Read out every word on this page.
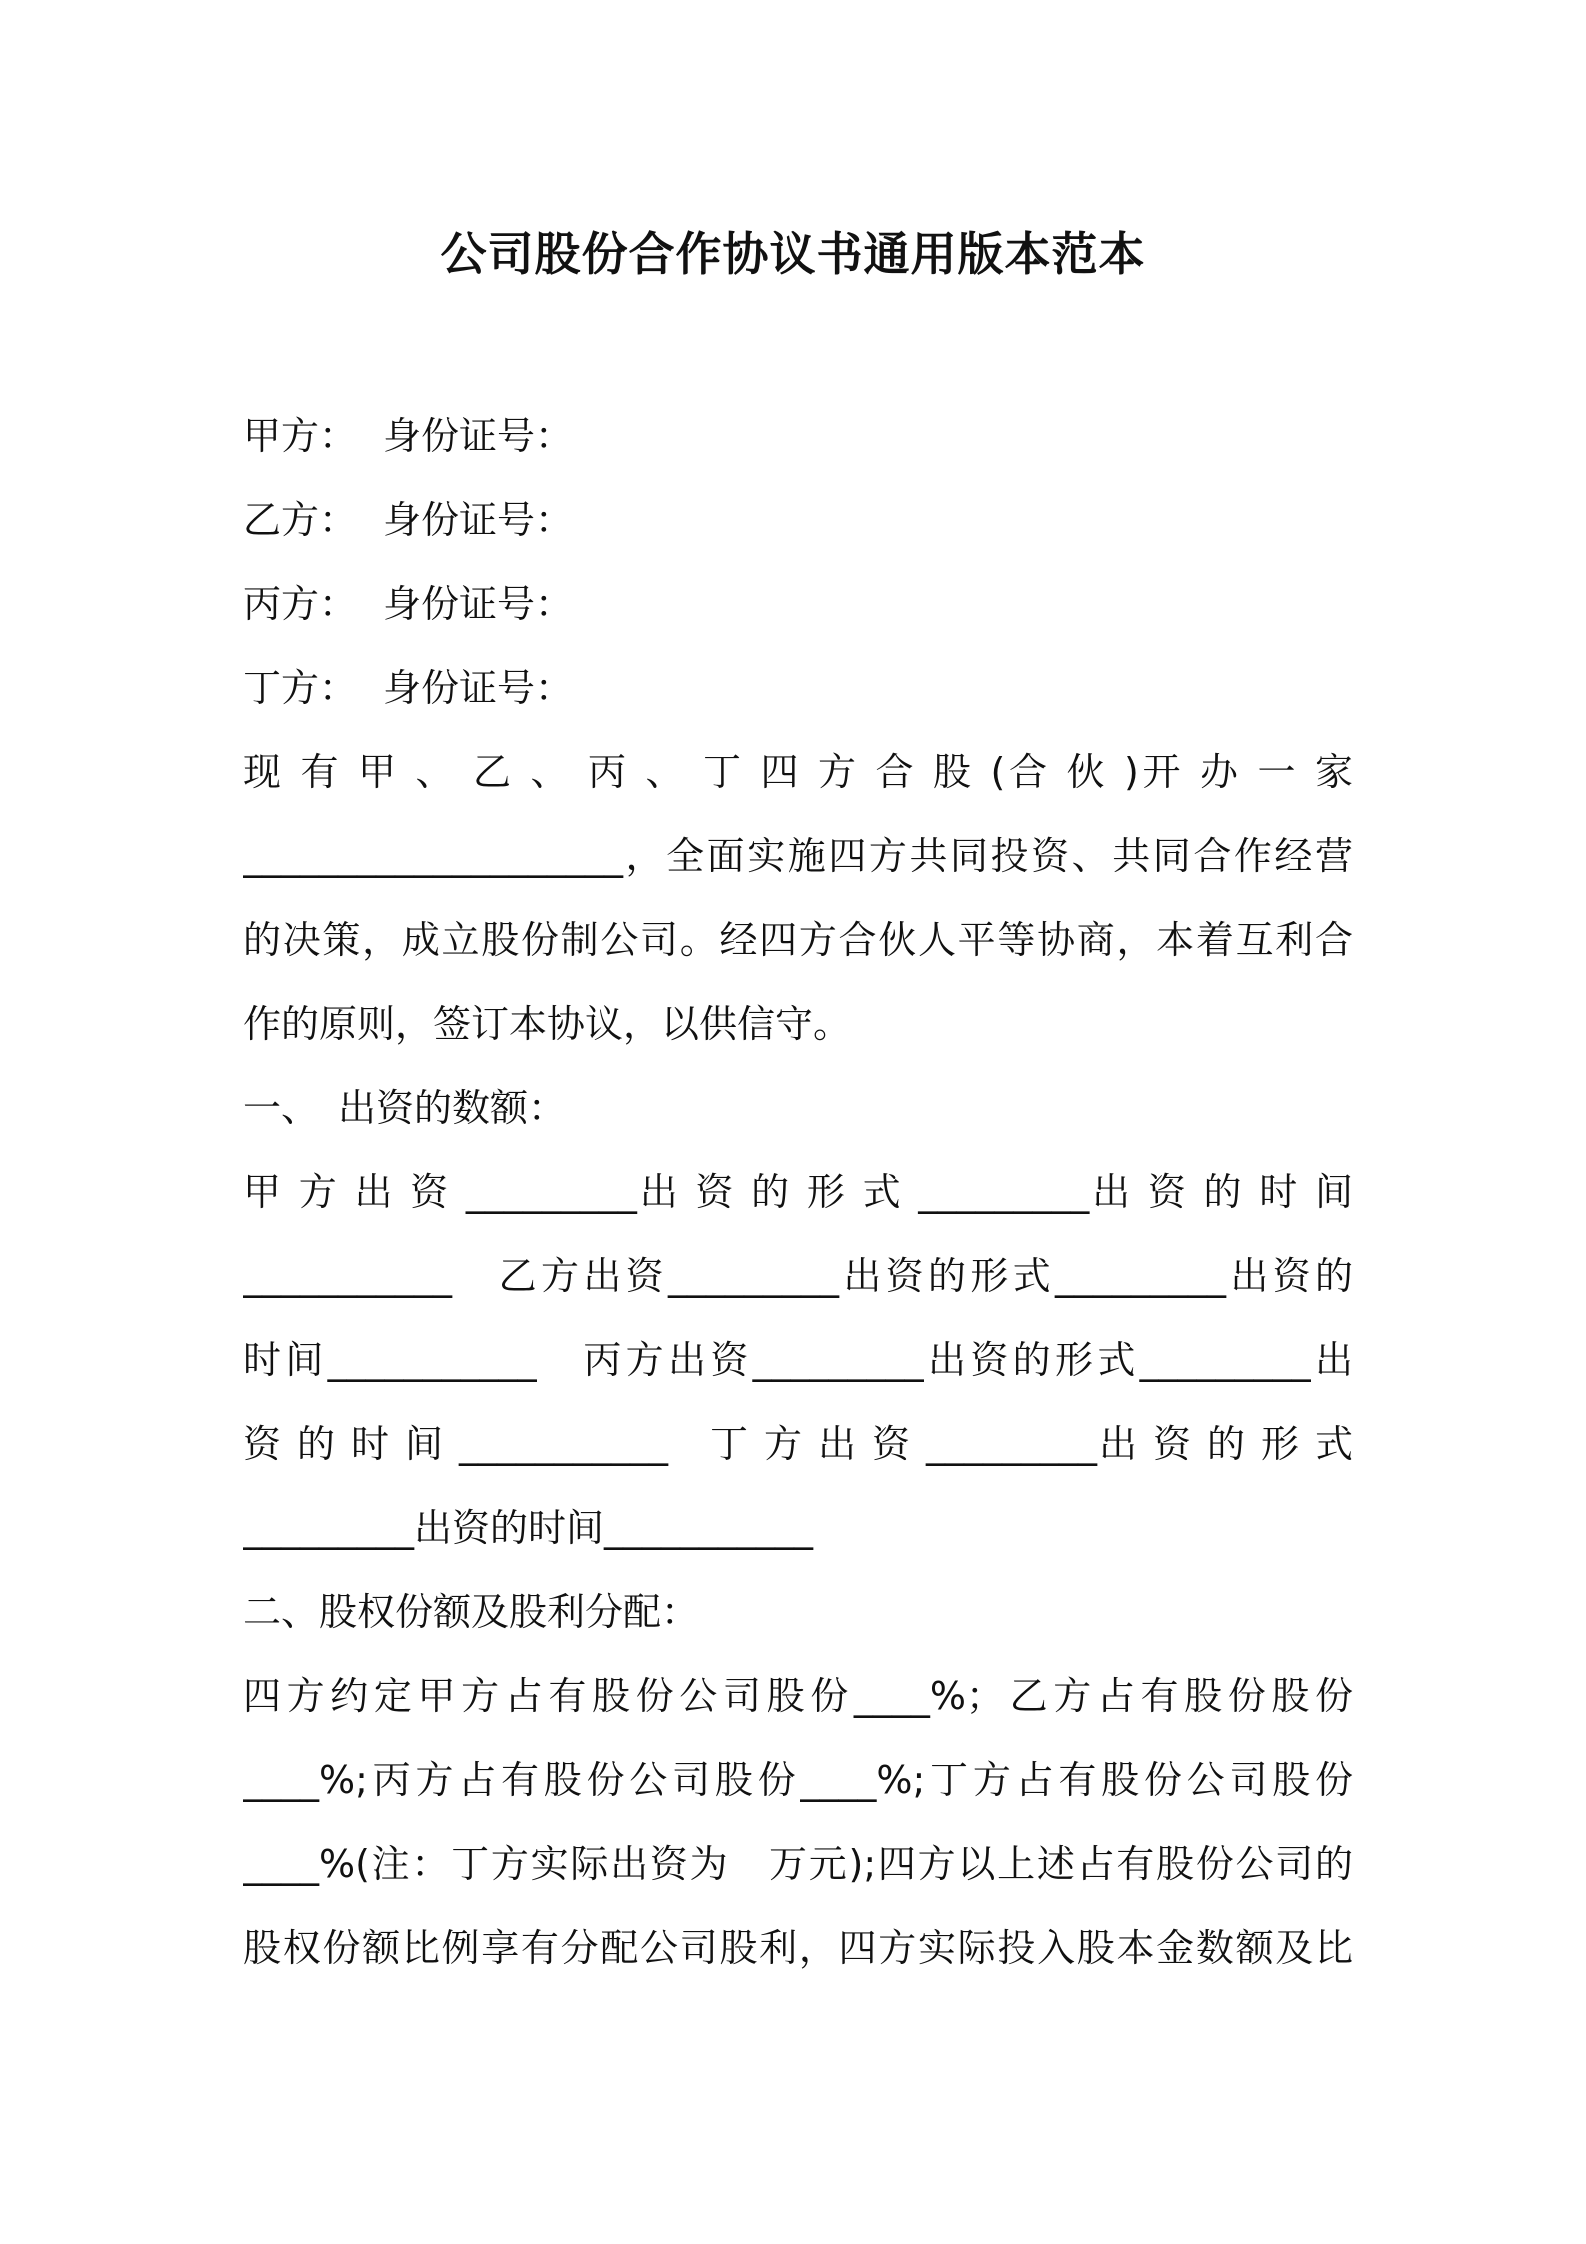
公司股份合作协议书通用版本范本
甲方： 身份证号：
乙方： 身份证号：
丙方： 身份证号：
丁方： 身份证号：
现 有 甲 、 乙 、 丙 、 丁 四 方 合 股 (合 伙 )开 办 一 家
____________________，全面实施四方共同投资、共同合作经营
的决策，成立股份制公司。经四方合伙人平等协商，本着互利合
作的原则，签订本协议，以供信守。
一、　出资的数额：
甲 方 出 资 _________出 资 的 形 式 _________出 资 的 时 间
___________　乙方出资_________出资的形式_________出资的
时间___________　丙方出资_________出资的形式_________出
资 的 时 间 ___________　丁 方 出 资 _________出 资 的 形 式
_________出资的时间___________
二、股权份额及股利分配：
四方约定甲方占有股份公司股份____%；乙方占有股份股份
____%;丙方占有股份公司股份____%;丁方占有股份公司股份
____%(注：丁方实际出资为　万元);四方以上述占有股份公司的
股权份额比例享有分配公司股利，四方实际投入股本金数额及比
